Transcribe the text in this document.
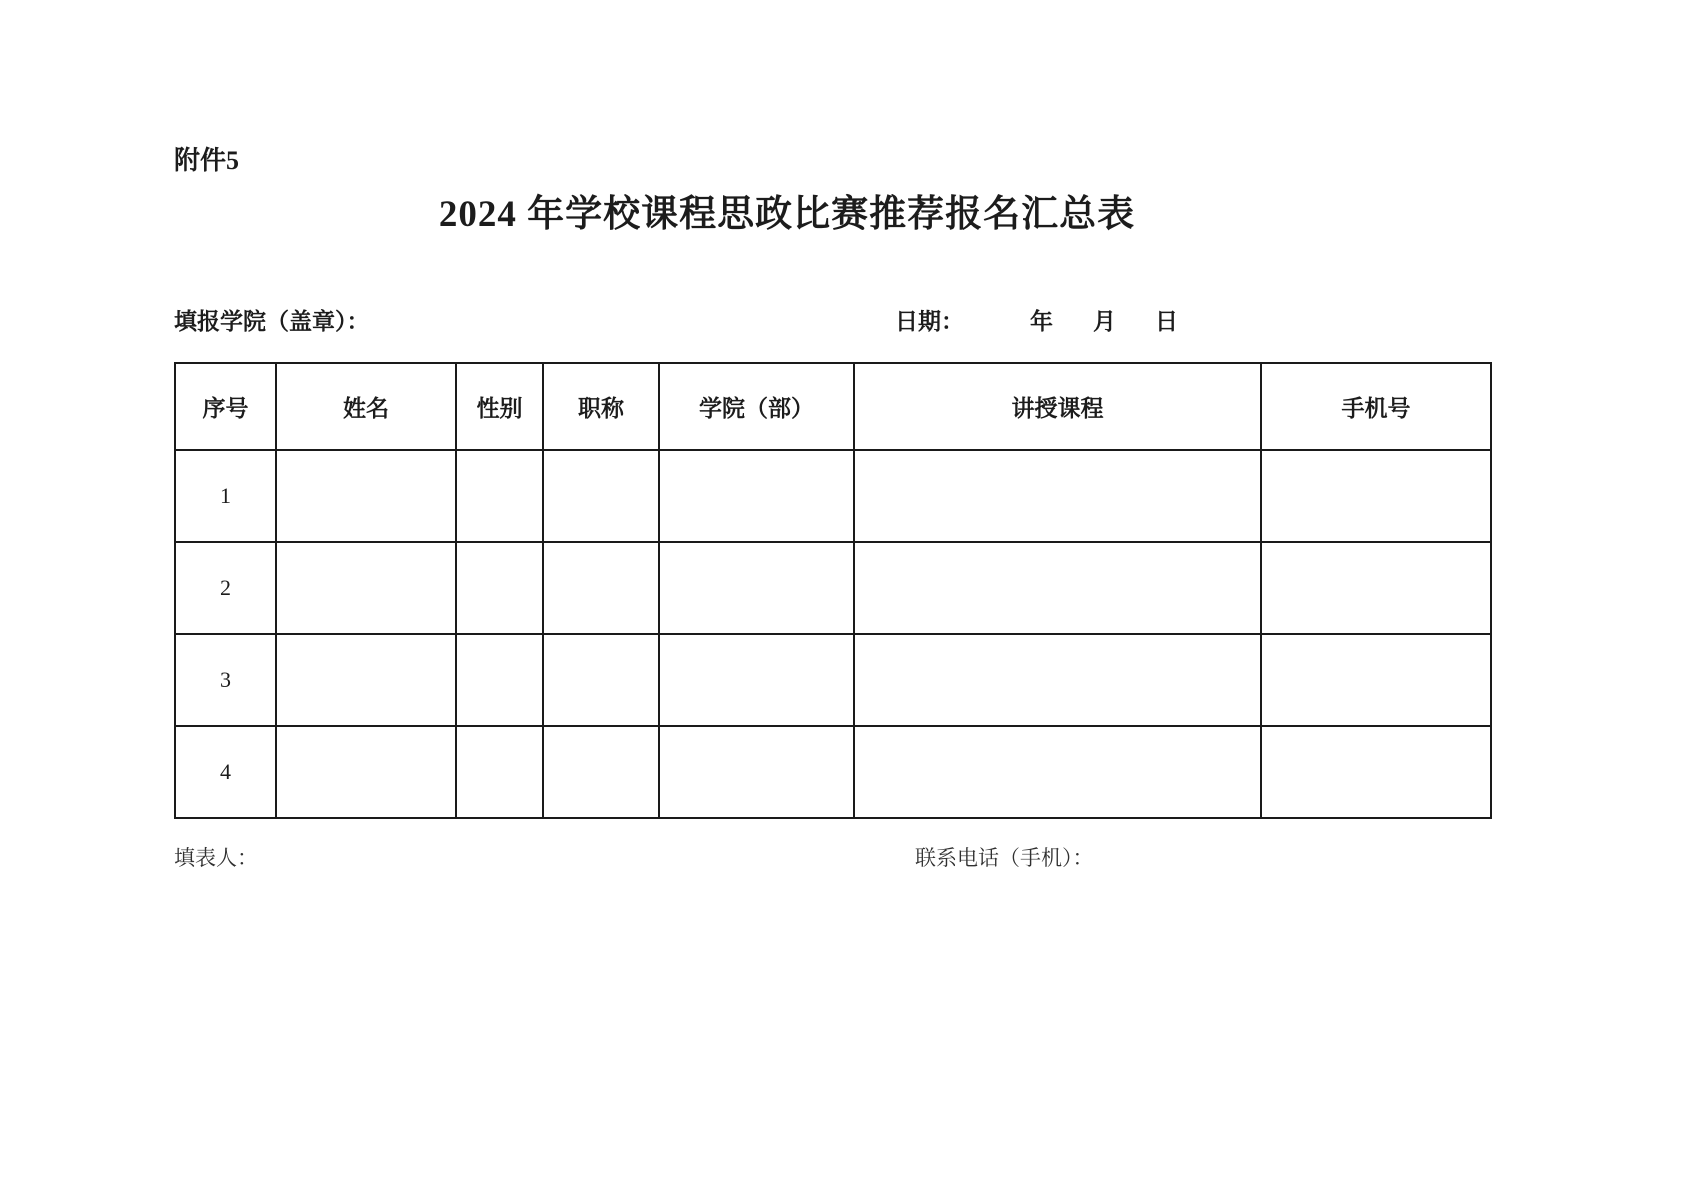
附件5
2024 年学校课程思政比赛推荐报名汇总表
填报学院（盖章）：	日期：	年 月 日
序号	姓名	性别	职称	学院（部）	讲授课程	手机号
1						
2						
3						
4						
填表人：	联系电话（手机）：
